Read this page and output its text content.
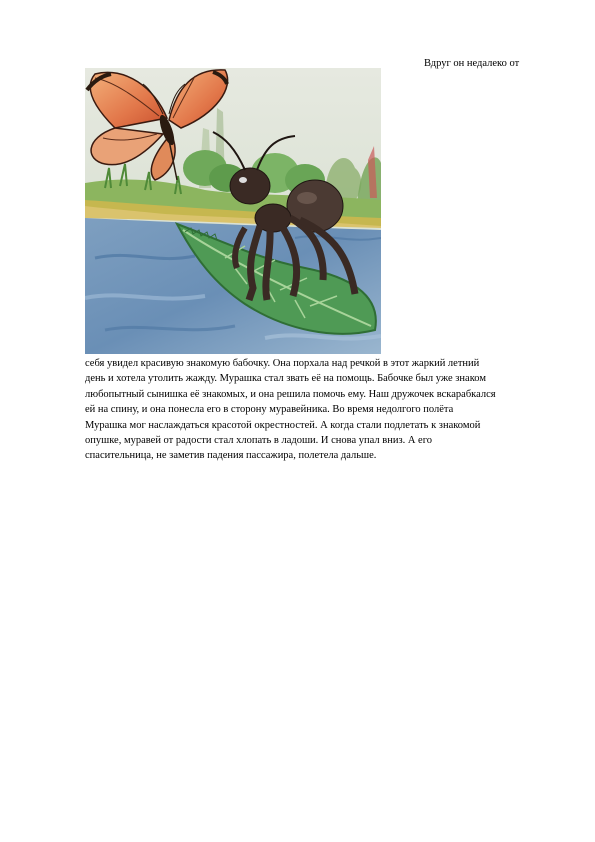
Вдруг он недалеко от
себя увидел красивую знакомую бабочку. Она порхала над речкой в этот жаркий летний
день и хотела утолить жажду. Мурашка стал звать её на помощь. Бабочке был уже знаком
любопытный сынишка её знакомых, и она решила помочь ему. Наш дружочек вскарабкался
ей на спину, и она понесла его в сторону муравейника. Во время недолгого полёта
Мурашка мог наслаждаться красотой окрестностей. А когда стали подлетать к знакомой
опушке, муравей от радости стал хлопать в ладоши. И снова упал вниз. А его
спасительница, не заметив падения пассажира, полетела дальше.
